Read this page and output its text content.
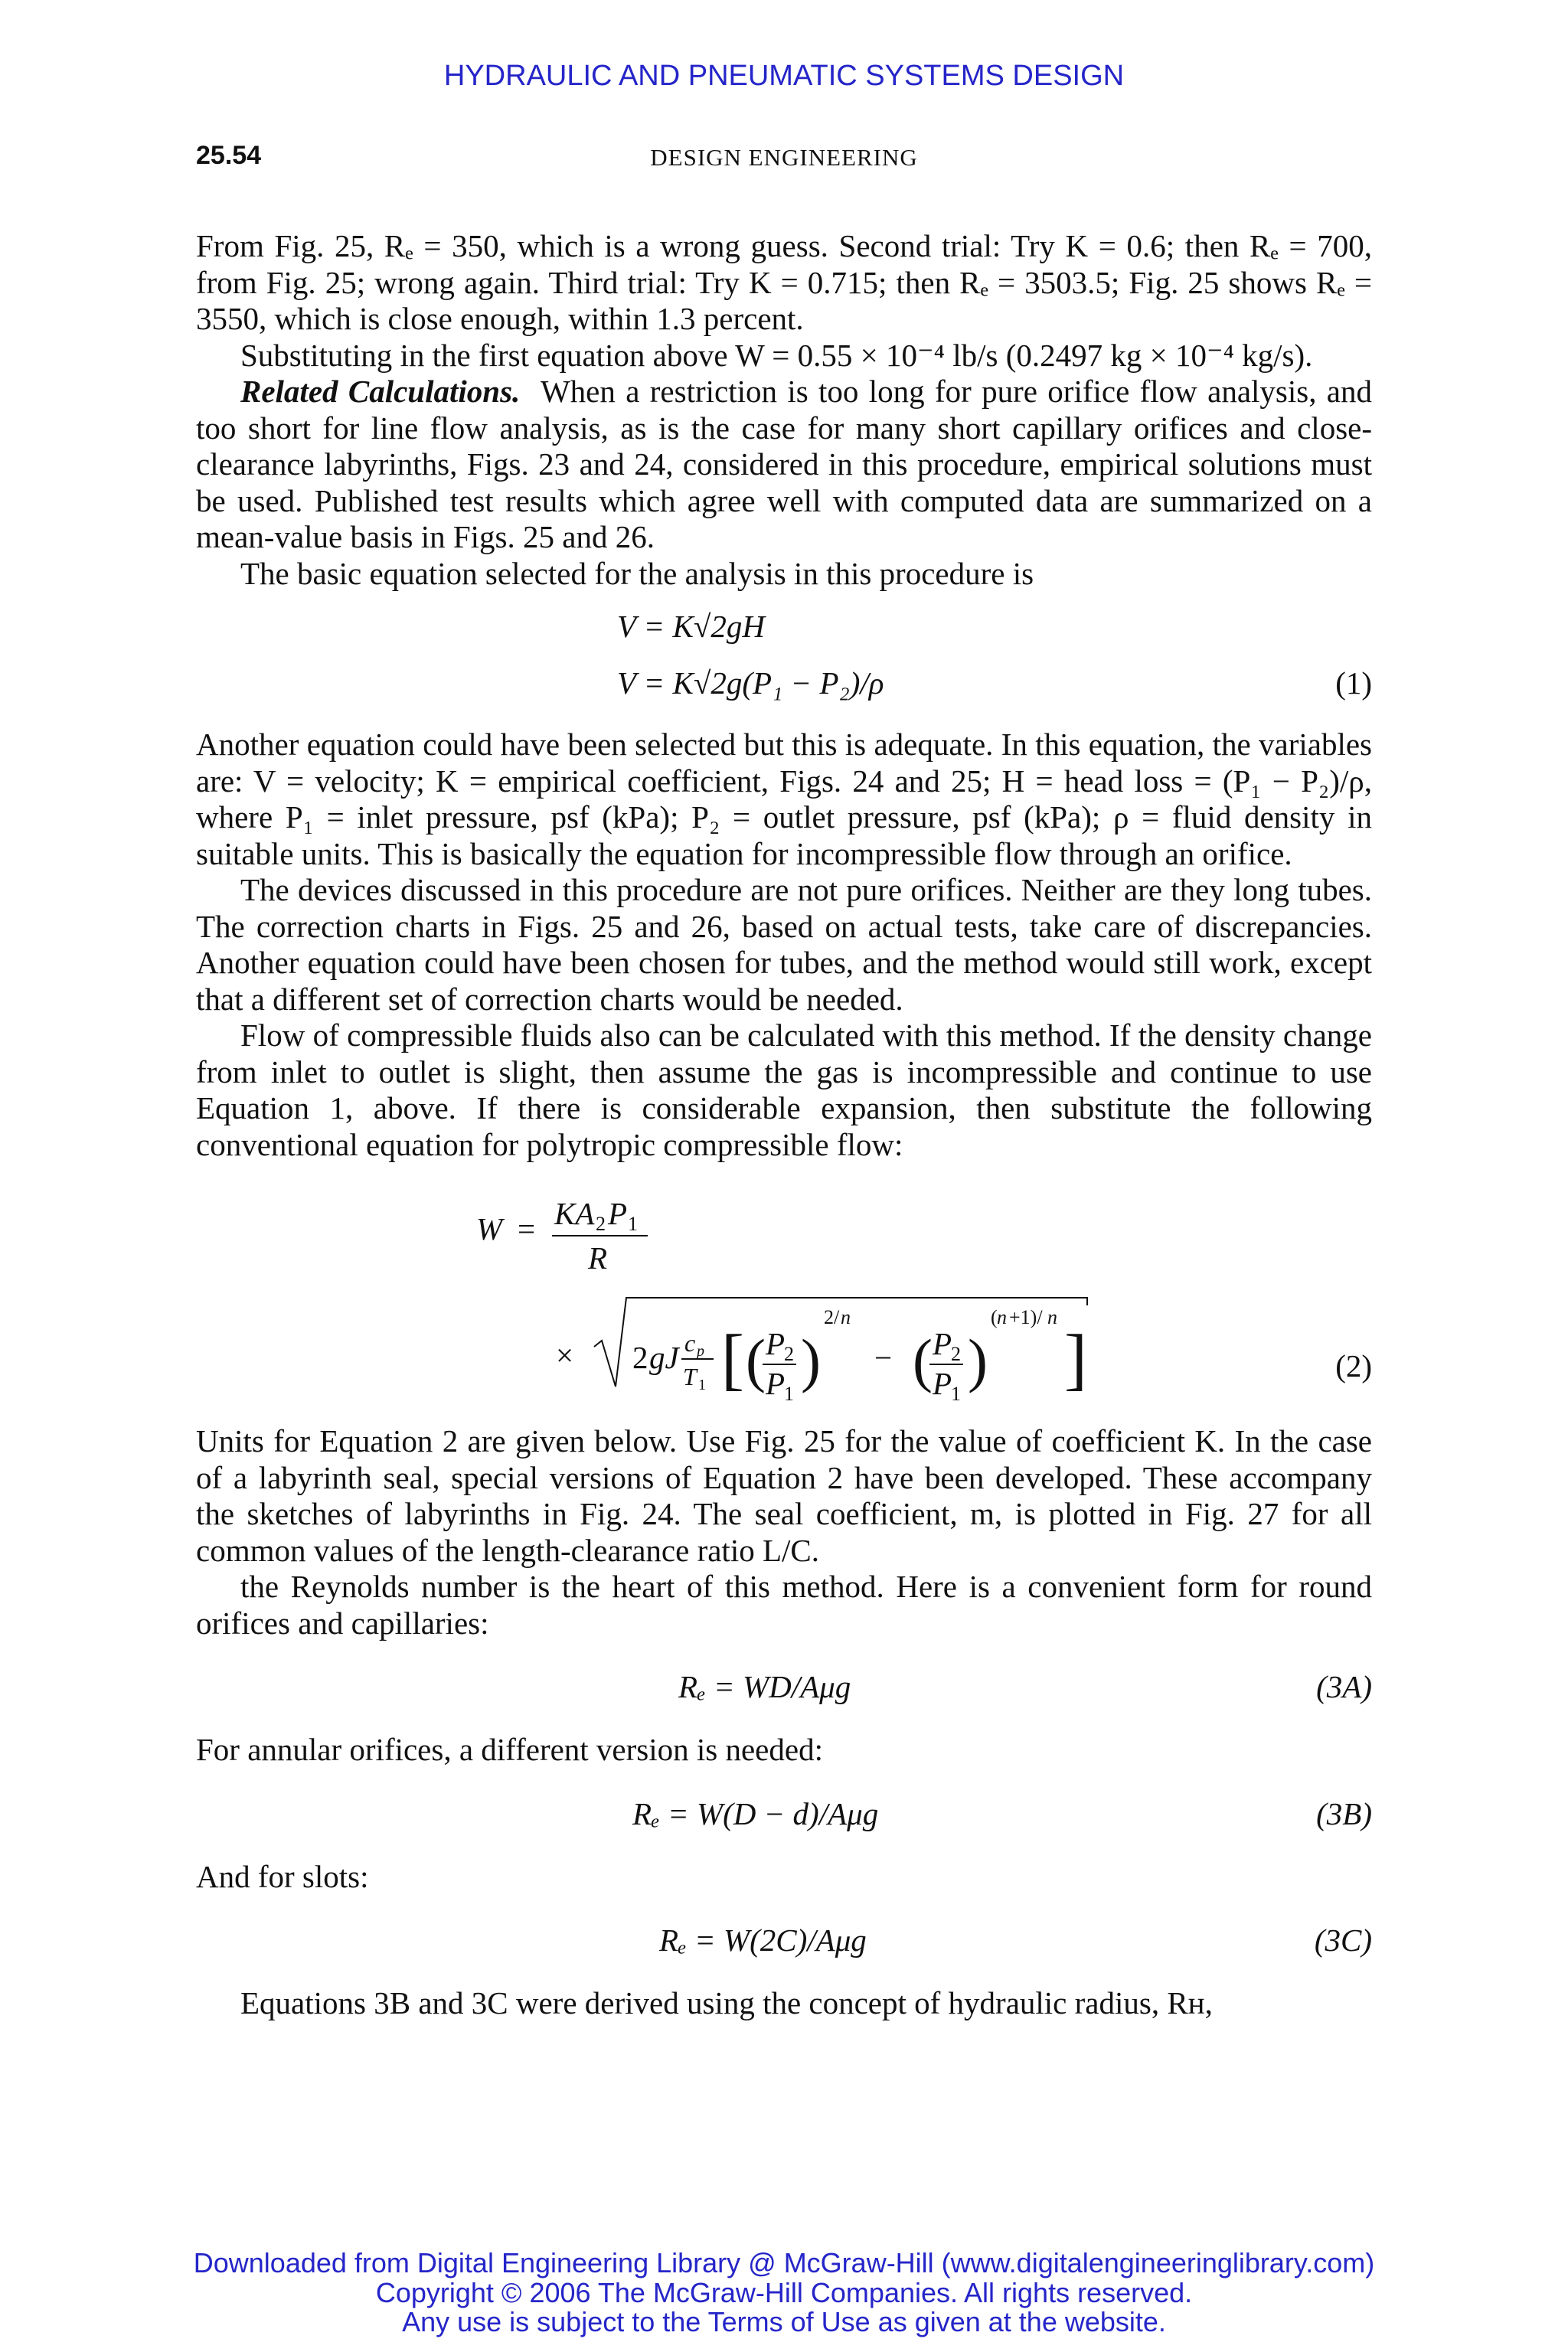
HYDRAULIC AND PNEUMATIC SYSTEMS DESIGN
25.54	DESIGN ENGINEERING

From Fig. 25, Rₑ = 350, which is a wrong guess. Second trial: Try K = 0.6; then Rₑ = 700, from Fig. 25; wrong again. Third trial: Try K = 0.715; then Rₑ = 3503.5; Fig. 25 shows Rₑ = 3550, which is close enough, within 1.3 percent.

Substituting in the first equation above W = 0.55 × 10⁻⁴ lb/s (0.2497 kg × 10⁻⁴ kg/s).

Related Calculations. When a restriction is too long for pure orifice flow analysis, and too short for line flow analysis, as is the case for many short capillary orifices and close-clearance labyrinths, Figs. 23 and 24, considered in this procedure, empirical solutions must be used. Published test results which agree well with computed data are summarized on a mean-value basis in Figs. 25 and 26.

The basic equation selected for the analysis in this procedure is

V = K√2gH
V = K√2g(P₁ − P₂)/ρ	(1)

Another equation could have been selected but this is adequate. In this equation, the variables are: V = velocity; K = empirical coefficient, Figs. 24 and 25; H = head loss = (P₁ − P₂)/ρ, where P₁ = inlet pressure, psf (kPa); P₂ = outlet pressure, psf (kPa); ρ = fluid density in suitable units. This is basically the equation for incompressible flow through an orifice.

The devices discussed in this procedure are not pure orifices. Neither are they long tubes. The correction charts in Figs. 25 and 26, based on actual tests, take care of discrepancies. Another equation could have been chosen for tubes, and the method would still work, except that a different set of correction charts would be needed.

Flow of compressible fluids also can be calculated with this method. If the density change from inlet to outlet is slight, then assume the gas is incompressible and continue to use Equation 1, above. If there is considerable expansion, then substitute the following conventional equation for polytropic compressible flow:

W = KA 2 P 1
R
× 2 gJ c p
T 1 [ ( P
2
P
1
)
2/ n
− ( P
2
P
1
)
( n +1)/ n
]	(2)

Units for Equation 2 are given below. Use Fig. 25 for the value of coefficient K. In the case of a labyrinth seal, special versions of Equation 2 have been developed. These accompany the sketches of labyrinths in Fig. 24. The seal coefficient, m, is plotted in Fig. 27 for all common values of the length-clearance ratio L/C.

the Reynolds number is the heart of this method. Here is a convenient form for round orifices and capillaries:

Rₑ = WD/Aμg	(3A)

For annular orifices, a different version is needed:

Rₑ = W(D − d)/Aμg	(3B)

And for slots:

Rₑ = W(2C)/Aμg	(3C)

Equations 3B and 3C were derived using the concept of hydraulic radius, Rʜ,

Downloaded from Digital Engineering Library @ McGraw-Hill (www.digitalengineeringlibrary.com)
Copyright © 2006 The McGraw-Hill Companies. All rights reserved.
Any use is subject to the Terms of Use as given at the website.
